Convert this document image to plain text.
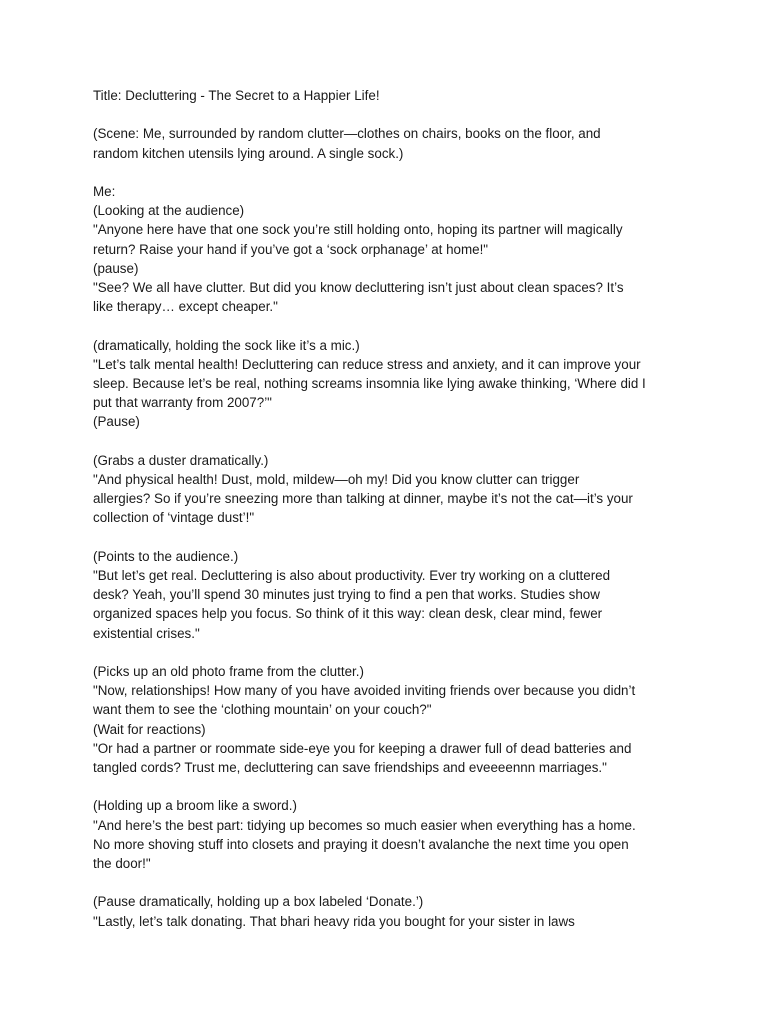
Title: Decluttering - The Secret to a Happier Life!
(Scene: Me, surrounded by random clutter—clothes on chairs, books on the floor, and
random kitchen utensils lying around. A single sock.)
Me:
(Looking at the audience)
"Anyone here have that one sock you’re still holding onto, hoping its partner will magically
return? Raise your hand if you’ve got a ‘sock orphanage’ at home!"
(pause)
"See? We all have clutter. But did you know decluttering isn’t just about clean spaces? It’s
like therapy… except cheaper."
(dramatically, holding the sock like it’s a mic.)
"Let’s talk mental health! Decluttering can reduce stress and anxiety, and it can improve your
sleep. Because let’s be real, nothing screams insomnia like lying awake thinking, ‘Where did I
put that warranty from 2007?’"
(Pause)
(Grabs a duster dramatically.)
"And physical health! Dust, mold, mildew—oh my! Did you know clutter can trigger
allergies? So if you’re sneezing more than talking at dinner, maybe it’s not the cat—it’s your
collection of ‘vintage dust’!"
(Points to the audience.)
"But let’s get real. Decluttering is also about productivity. Ever try working on a cluttered
desk? Yeah, you’ll spend 30 minutes just trying to find a pen that works. Studies show
organized spaces help you focus. So think of it this way: clean desk, clear mind, fewer
existential crises."
(Picks up an old photo frame from the clutter.)
"Now, relationships! How many of you have avoided inviting friends over because you didn’t
want them to see the ‘clothing mountain’ on your couch?"
(Wait for reactions)
"Or had a partner or roommate side-eye you for keeping a drawer full of dead batteries and
tangled cords? Trust me, decluttering can save friendships and eveeeennn marriages."
(Holding up a broom like a sword.)
"And here’s the best part: tidying up becomes so much easier when everything has a home.
No more shoving stuff into closets and praying it doesn’t avalanche the next time you open
the door!"
(Pause dramatically, holding up a box labeled ‘Donate.’)
"Lastly, let’s talk donating. That bhari heavy rida you bought for your sister in laws
